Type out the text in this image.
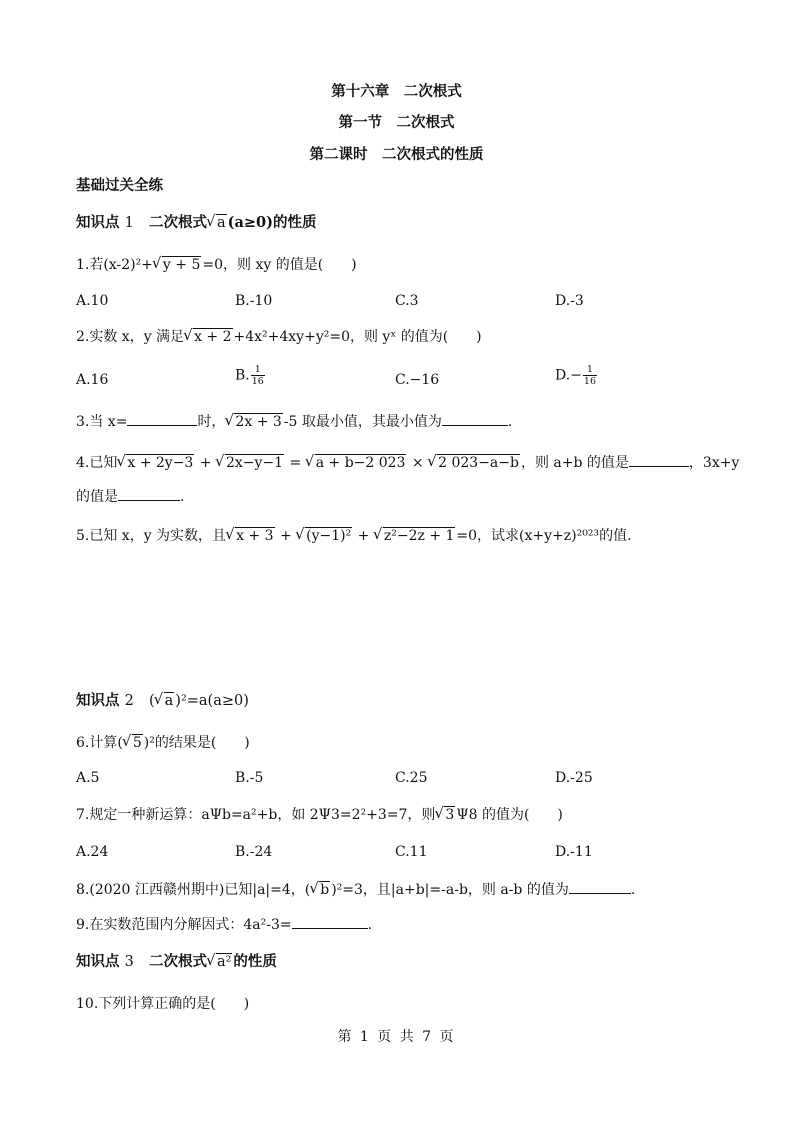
第十六章　二次根式
第一节　二次根式
第二课时　二次根式的性质
基础过关全练
知识点 1 二次根式 √ a (a≥0)的性质
1.若(x-2)²+ √ y + 5 =0，则 xy 的值是(　　)
A.10	B.-10	C.3	D.-3
2.实数 x，y 满足 √ x + 2 +4x²+4xy+y²=0，则 yˣ 的值为(　　)
A.16	B. $\frac{1}{16}$	C.−16	$D.- \frac{1}{16}$
3.当 x=	时， √ 2x + 3 -5 取最小值，其最小值为	.
4.已知 √ x + 2y−3 + √ 2x−y−1 = √ a + b−2 023 × √ 2 023−a−b ，则 a+b 的值是	，3x+y
的值是	.
5.已知 x，y 为实数，且 √ x + 3 + √ (y−1)² + √ z²−2z + 1 =0，试求(x+y+z)²⁰²³的值.
知识点 2 ( √ a )²=a(a≥0)
6.计算( √ 5 )²的结果是(　　)
A.5	B.-5	C.25	D.-25
7.规定一种新运算：aΨb=a²+b，如 2Ψ3=2²+3=7，则 √ 3 Ψ8 的值为(　　)
A.24	B.-24	C.11	D.-11
8.(2020 江西赣州期中)已知|a|=4，( √ b )²=3，且|a+b|=-a-b，则 a-b 的值为	.
9.在实数范围内分解因式：4a²-3=	.
知识点 3 二次根式 √ a² 的性质
10.下列计算正确的是(　　)
第 1 页 共 7 页
